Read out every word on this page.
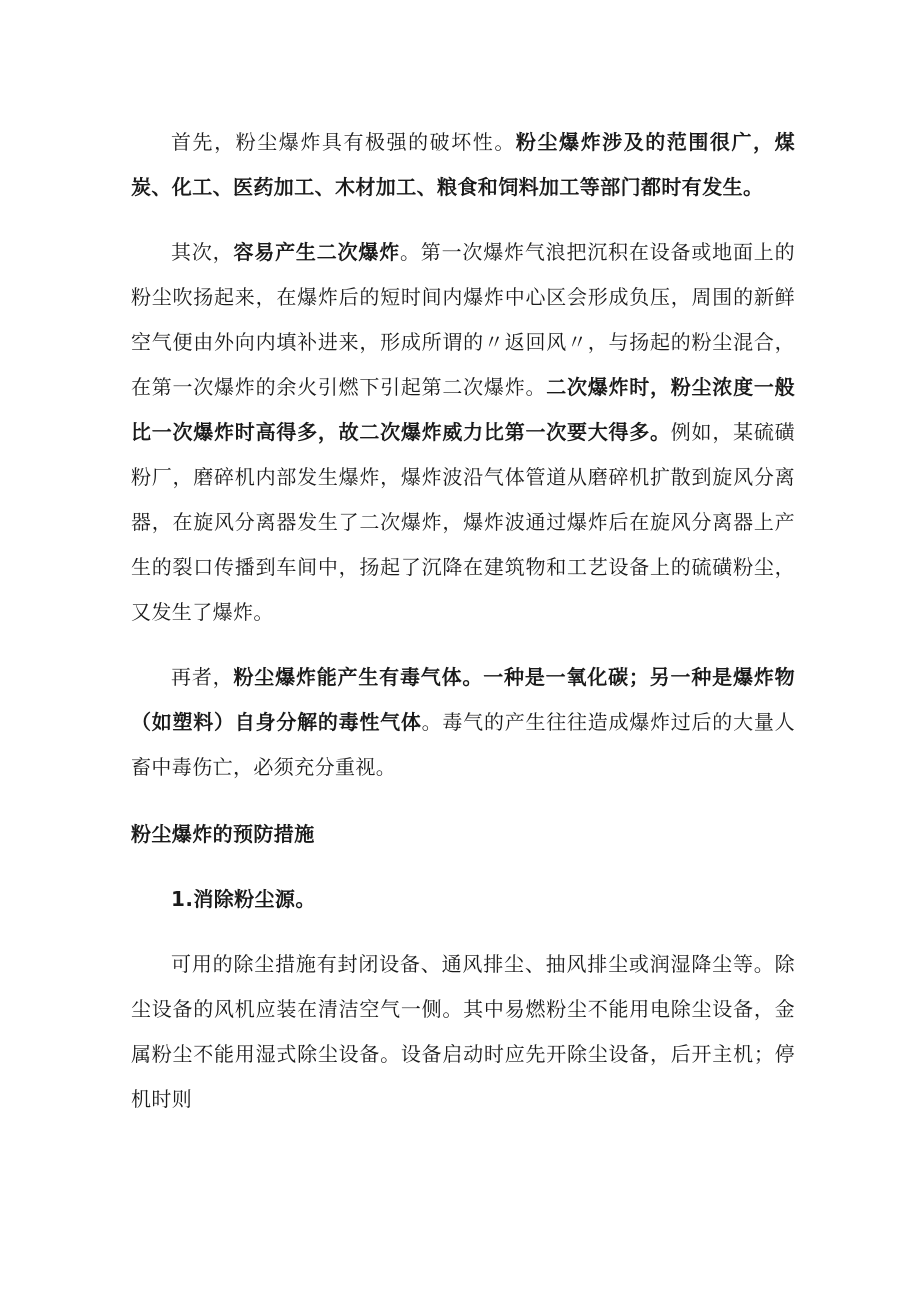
首先，粉尘爆炸具有极强的破坏性。粉尘爆炸涉及的范围很广，煤炭、化工、医药加工、木材加工、粮食和饲料加工等部门都时有发生。

其次，容易产生二次爆炸。第一次爆炸气浪把沉积在设备或地面上的粉尘吹扬起来，在爆炸后的短时间内爆炸中心区会形成负压，周围的新鲜空气便由外向内填补进来，形成所谓的〃返回风〃，与扬起的粉尘混合，在第一次爆炸的余火引燃下引起第二次爆炸。二次爆炸时，粉尘浓度一般比一次爆炸时高得多，故二次爆炸威力比第一次要大得多。例如，某硫磺粉厂，磨碎机内部发生爆炸，爆炸波沿气体管道从磨碎机扩散到旋风分离器，在旋风分离器发生了二次爆炸，爆炸波通过爆炸后在旋风分离器上产生的裂口传播到车间中，扬起了沉降在建筑物和工艺设备上的硫磺粉尘，又发生了爆炸。

再者，粉尘爆炸能产生有毒气体。一种是一氧化碳；另一种是爆炸物（如塑料）自身分解的毒性气体。毒气的产生往往造成爆炸过后的大量人畜中毒伤亡，必须充分重视。

粉尘爆炸的预防措施

1.消除粉尘源。

可用的除尘措施有封闭设备、通风排尘、抽风排尘或润湿降尘等。除尘设备的风机应装在清洁空气一侧。其中易燃粉尘不能用电除尘设备，金属粉尘不能用湿式除尘设备。设备启动时应先开除尘设备，后开主机；停机时则
